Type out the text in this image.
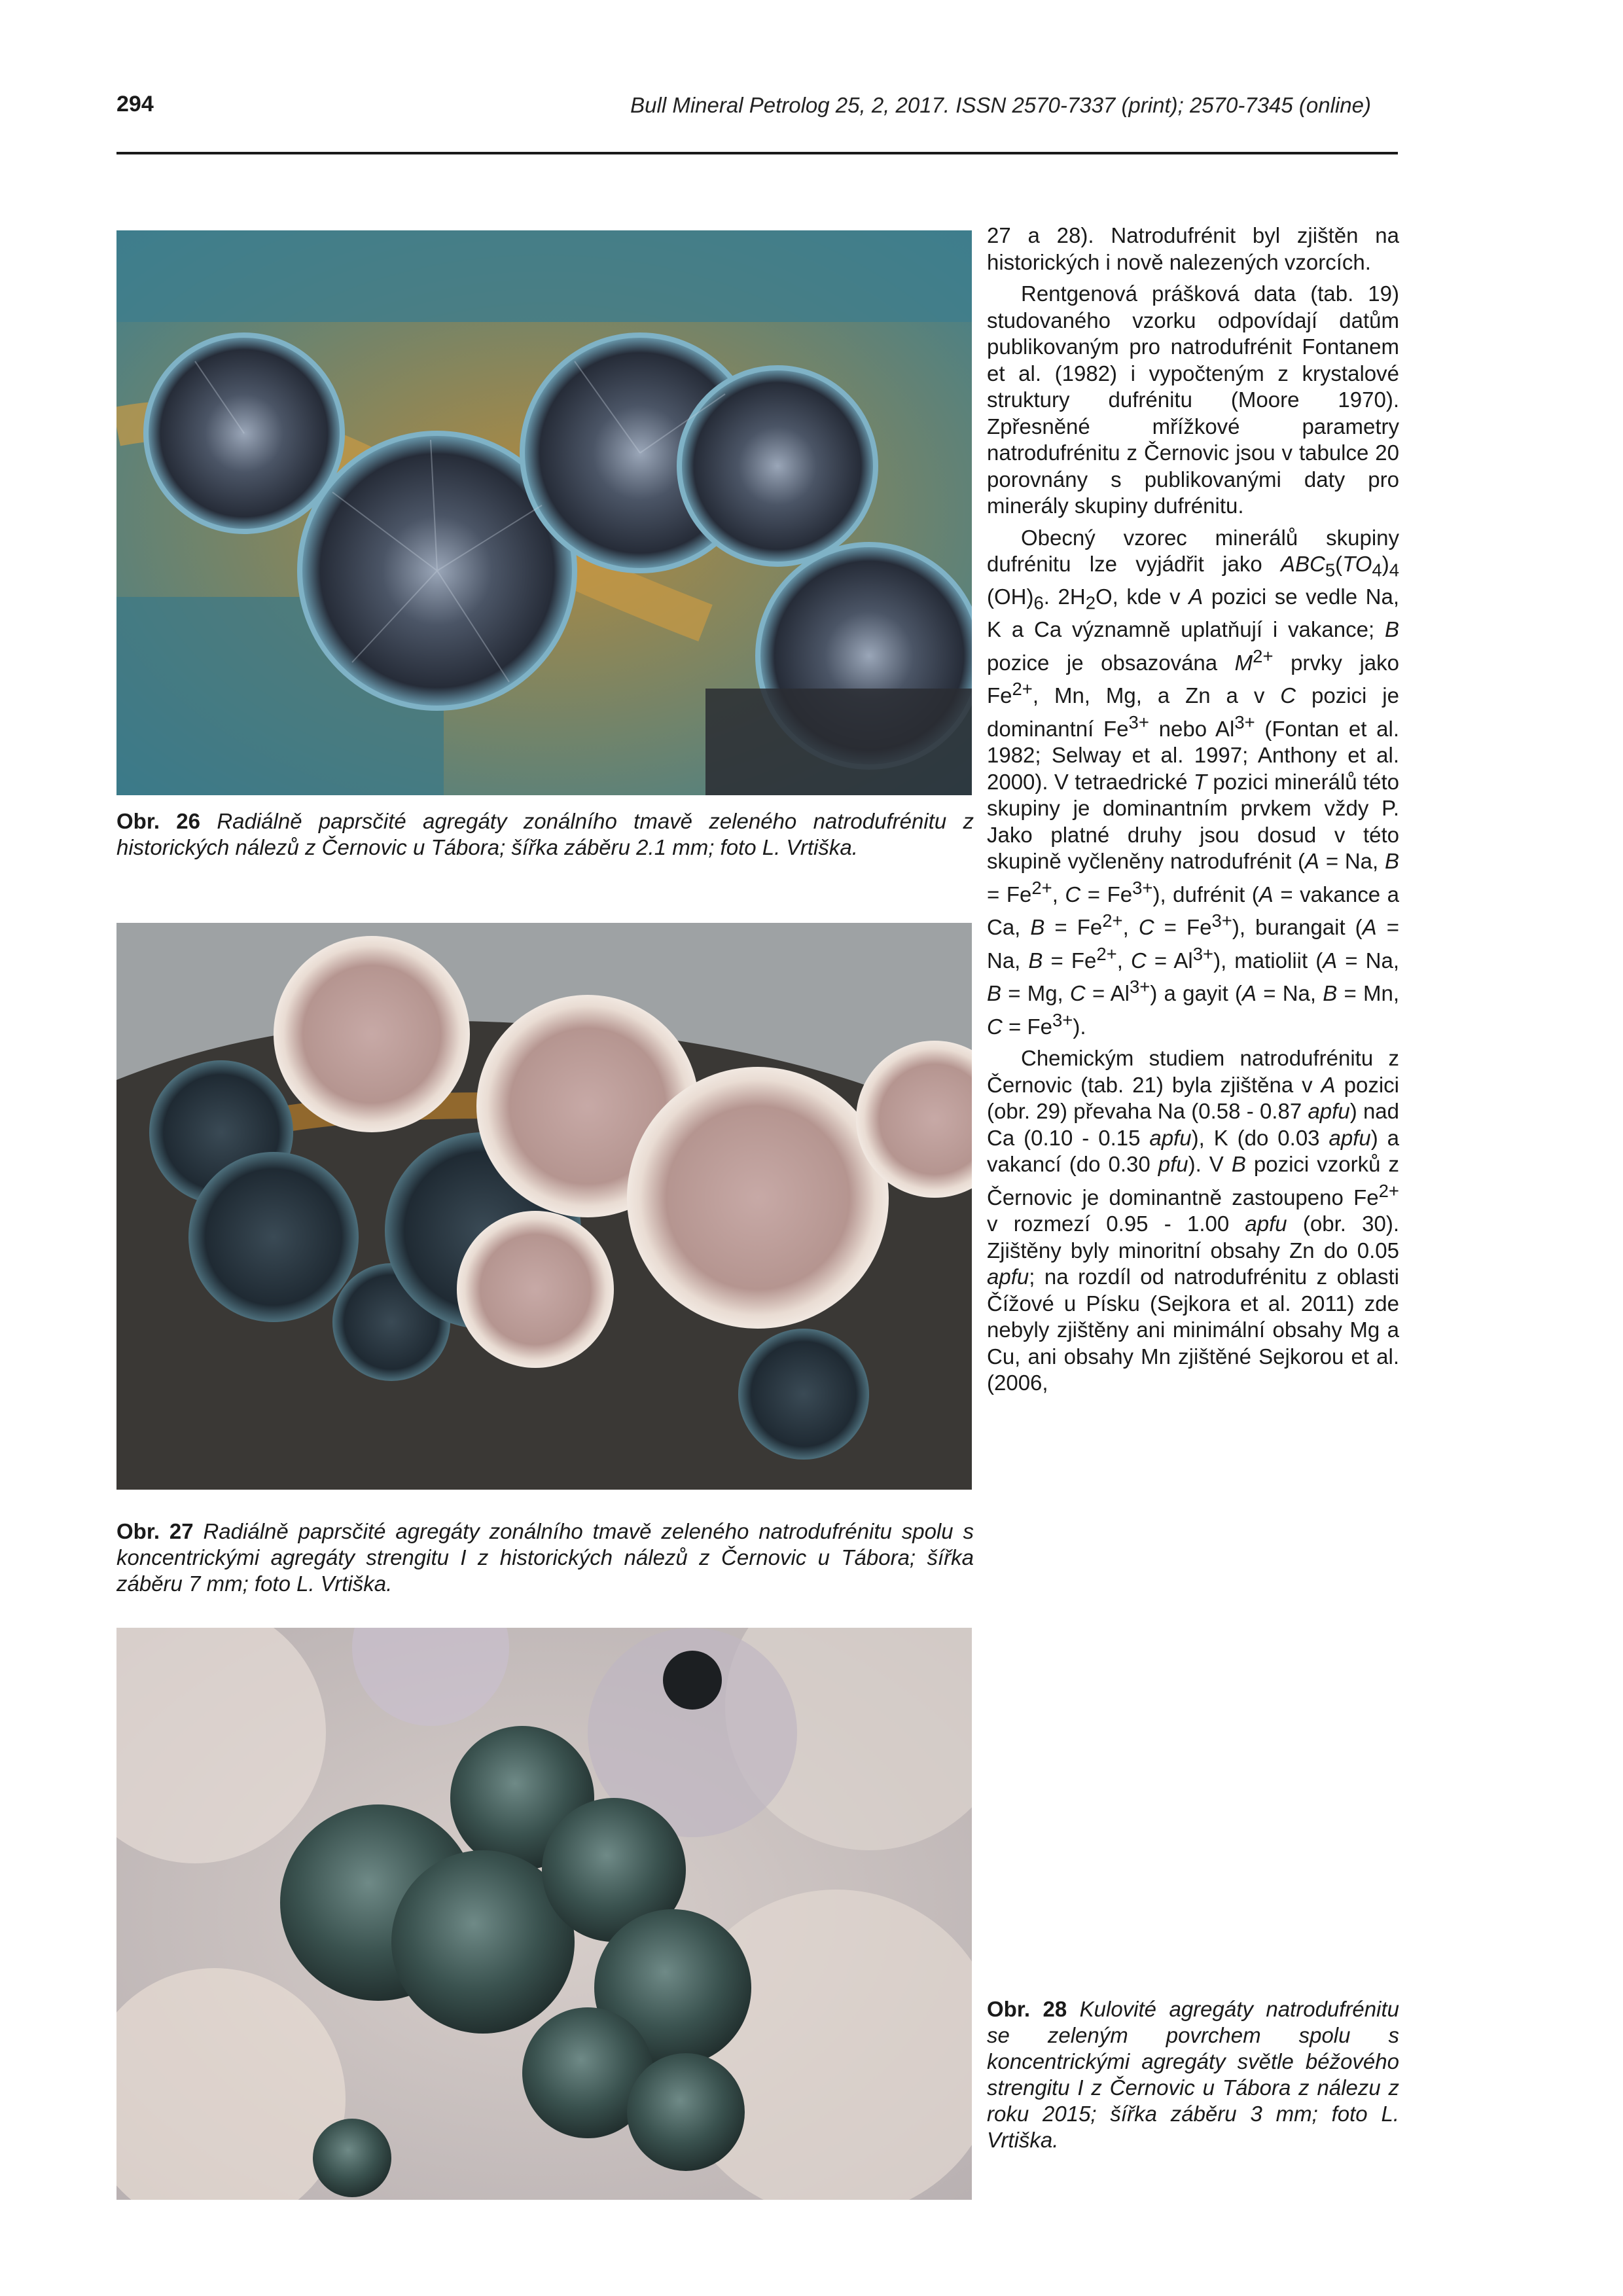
294	Bull Mineral Petrolog 25, 2, 2017. ISSN 2570-7337 (print); 2570-7345 (online)
Obr. 26 Radiálně paprsčité agregáty zonálního tmavě zeleného natrodufrénitu z historických nálezů z Černovic u Tábora; šířka záběru 2.1 mm; foto L. Vrtiška.
Obr. 27 Radiálně paprsčité agregáty zonálního tmavě zeleného natrodufrénitu spolu s koncentrickými agregáty strengitu I z historických nálezů z Černovic u Tábora; šířka záběru 7 mm; foto L. Vrtiška.
Obr. 28 Kulovité agregáty natrodufrénitu se zeleným povrchem spolu s koncentrickými agregáty světle béžového strengitu I z Černovic u Tábora z nálezu z roku 2015; šířka záběru 3 mm; foto L. Vrtiška.

27 a 28). Natrodufrénit byl zjištěn na historických i nově nalezených vzorcích.

Rentgenová prášková data (tab. 19) studovaného vzorku odpovídají datům publikovaným pro natrodufrénit Fontanem et al. (1982) i vypočteným z krystalové struktury dufrénitu (Moore 1970). Zpřesněné mřížkové parametry natrodufrénitu z Černovic jsou v tabulce 20 porovnány s publikovanými daty pro minerály skupiny dufrénitu.

Obecný vzorec minerálů skupiny dufrénitu lze vyjádřit jako $ABC_5(TO_4)_4$ $(OH)_6$. $2H_2O$, kde v A pozici se vedle Na, K a Ca významně uplatňují i vakance; B pozice je obsazována $M^{2+}$ prvky jako $Fe^{2+}$, Mn, Mg, a Zn a v C pozici je dominantní $Fe^{3+}$ nebo $Al^{3+}$ (Fontan et al. 1982; Selway et al. 1997; Anthony et al. 2000). V tetraedrické T pozici minerálů této skupiny je dominantním prvkem vždy P. Jako platné druhy jsou dosud v této skupině vyčleněny natrodufrénit (A = Na, $B = Fe^{2+}$, $C = Fe^{3+}$), dufrénit (A = vakance a Ca, $B = Fe^{2+}$, $C = Fe^{3+}$), burangait (A = Na, $B = Fe^{2+}$, $C = Al^{3+}$), matioliit (A = Na, B = Mg, $C = Al^{3+}$) a gayit (A = Na, B = Mn, $C = Fe^{3+}$).

Chemickým studiem natrodufrénitu z Černovic (tab. 21) byla zjištěna v A pozici (obr. 29) převaha Na (0.58 - 0.87 apfu) nad Ca (0.10 - 0.15 apfu), K (do 0.03 apfu) a vakancí (do 0.30 pfu). V B pozici vzorků z Černovic je dominantně zastoupeno $Fe^{2+}$ v rozmezí 0.95 - 1.00 apfu (obr. 30). Zjištěny byly minoritní obsahy Zn do 0.05 apfu; na rozdíl od natrodufrénitu z oblasti Čížové u Písku (Sejkora et al. 2011) zde nebyly zjištěny ani minimální obsahy Mg a Cu, ani obsahy Mn zjištěné Sejkorou et al. (2006,
